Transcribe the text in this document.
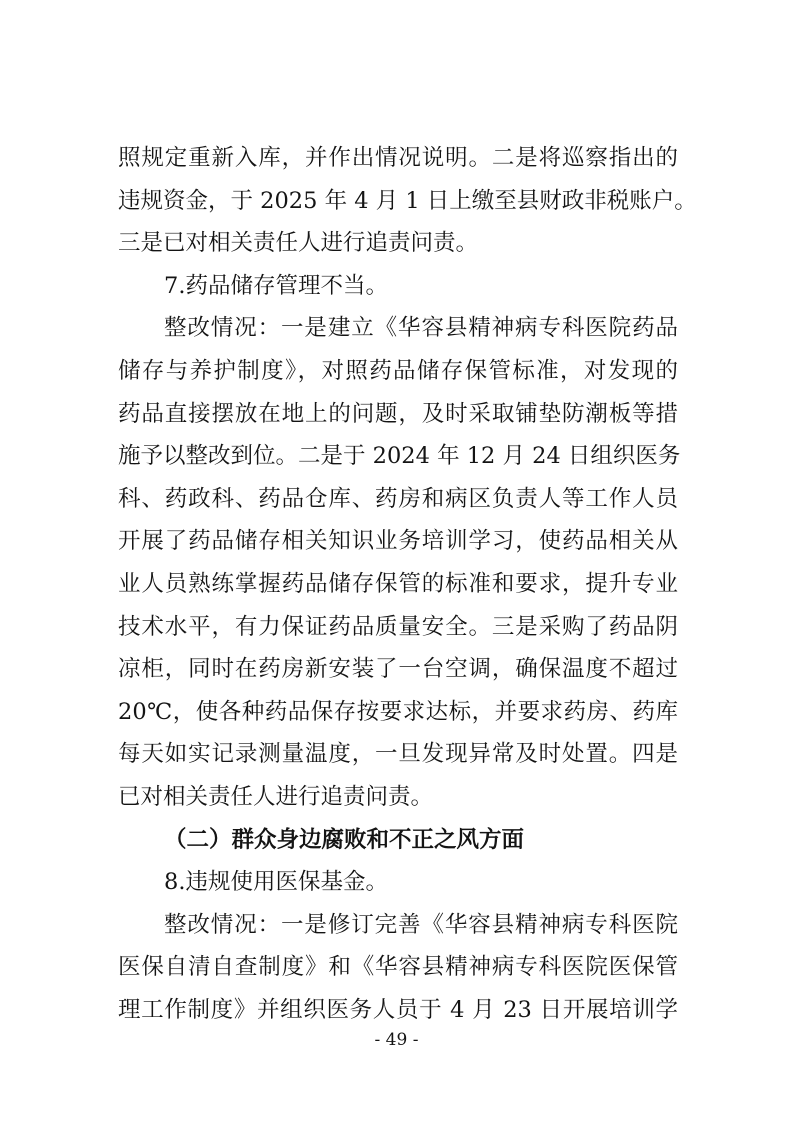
照规定重新入库，并作出情况说明。二是将巡察指出的
违规资金，于 2025 年 4 月 1 日上缴至县财政非税账户。
三是已对相关责任人进行追责问责。
7.药品储存管理不当。
整改情况：一是建立《华容县精神病专科医院药品
储存与养护制度》，对照药品储存保管标准，对发现的
药品直接摆放在地上的问题，及时采取铺垫防潮板等措
施予以整改到位。二是于 2024 年 12 月 24 日组织医务
科、药政科、药品仓库、药房和病区负责人等工作人员
开展了药品储存相关知识业务培训学习，使药品相关从
业人员熟练掌握药品储存保管的标准和要求，提升专业
技术水平，有力保证药品质量安全。三是采购了药品阴
凉柜，同时在药房新安装了一台空调，确保温度不超过
20℃，使各种药品保存按要求达标，并要求药房、药库
每天如实记录测量温度，一旦发现异常及时处置。四是
已对相关责任人进行追责问责。
（二）群众身边腐败和不正之风方面
8.违规使用医保基金。
整改情况：一是修订完善《华容县精神病专科医院
医保自清自查制度》和《华容县精神病专科医院医保管
理工作制度》并组织医务人员于 4 月 23 日开展培训学
- 49 -
